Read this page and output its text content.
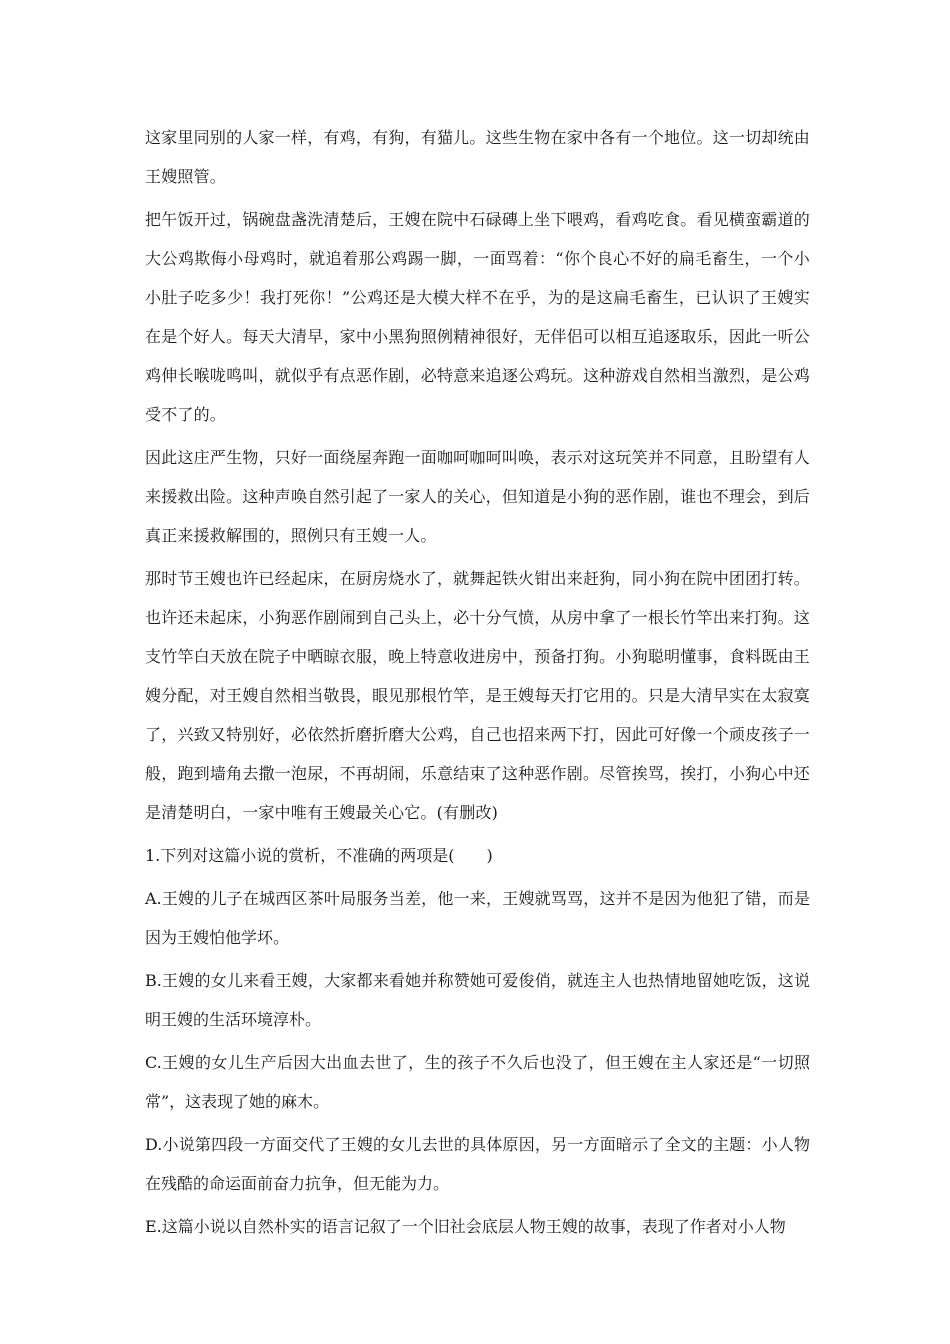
这家里同别的人家一样，有鸡，有狗，有猫儿。这些生物在家中各有一个地位。这一切却统由王嫂照管。

把午饭开过，锅碗盘盏洗清楚后，王嫂在院中石碌磚上坐下喂鸡，看鸡吃食。看见横蛮霸道的大公鸡欺侮小母鸡时，就追着那公鸡踢一脚，一面骂着：“你个良心不好的扁毛畜生，一个小小肚子吃多少！我打死你！”公鸡还是大模大样不在乎，为的是这扁毛畜生，已认识了王嫂实在是个好人。每天大清早，家中小黑狗照例精神很好，无伴侣可以相互追逐取乐，因此一听公鸡伸长喉咙鸣叫，就似乎有点恶作剧，必特意来追逐公鸡玩。这种游戏自然相当激烈，是公鸡受不了的。

因此这庄严生物，只好一面绕屋奔跑一面咖呵咖呵叫唤，表示对这玩笑并不同意，且盼望有人来援救出险。这种声唤自然引起了一家人的关心，但知道是小狗的恶作剧，谁也不理会，到后真正来援救解围的，照例只有王嫂一人。

那时节王嫂也许已经起床，在厨房烧水了，就舞起铁火钳出来赶狗，同小狗在院中团团打转。也许还未起床，小狗恶作剧闹到自己头上，必十分气愤，从房中拿了一根长竹竿出来打狗。这支竹竿白天放在院子中晒晾衣服，晚上特意收进房中，预备打狗。小狗聪明懂事，食料既由王嫂分配，对王嫂自然相当敬畏，眼见那根竹竿，是王嫂每天打它用的。只是大清早实在太寂寞了，兴致又特别好，必依然折磨折磨大公鸡，自己也招来两下打，因此可好像一个顽皮孩子一般，跑到墙角去撒一泡尿，不再胡闹，乐意结束了这种恶作剧。尽管挨骂，挨打，小狗心中还是清楚明白，一家中唯有王嫂最关心它。(有删改)

1.下列对这篇小说的赏析，不准确的两项是(　　)

A.王嫂的儿子在城西区茶叶局服务当差，他一来，王嫂就骂骂，这并不是因为他犯了错，而是因为王嫂怕他学坏。

B.王嫂的女儿来看王嫂，大家都来看她并称赞她可爱俊俏，就连主人也热情地留她吃饭，这说明王嫂的生活环境淳朴。

C.王嫂的女儿生产后因大出血去世了，生的孩子不久后也没了，但王嫂在主人家还是“一切照常”，这表现了她的麻木。

D.小说第四段一方面交代了王嫂的女儿去世的具体原因，另一方面暗示了全文的主题：小人物在残酷的命运面前奋力抗争，但无能为力。

E.这篇小说以自然朴实的语言记叙了一个旧社会底层人物王嫂的故事，表现了作者对小人物
